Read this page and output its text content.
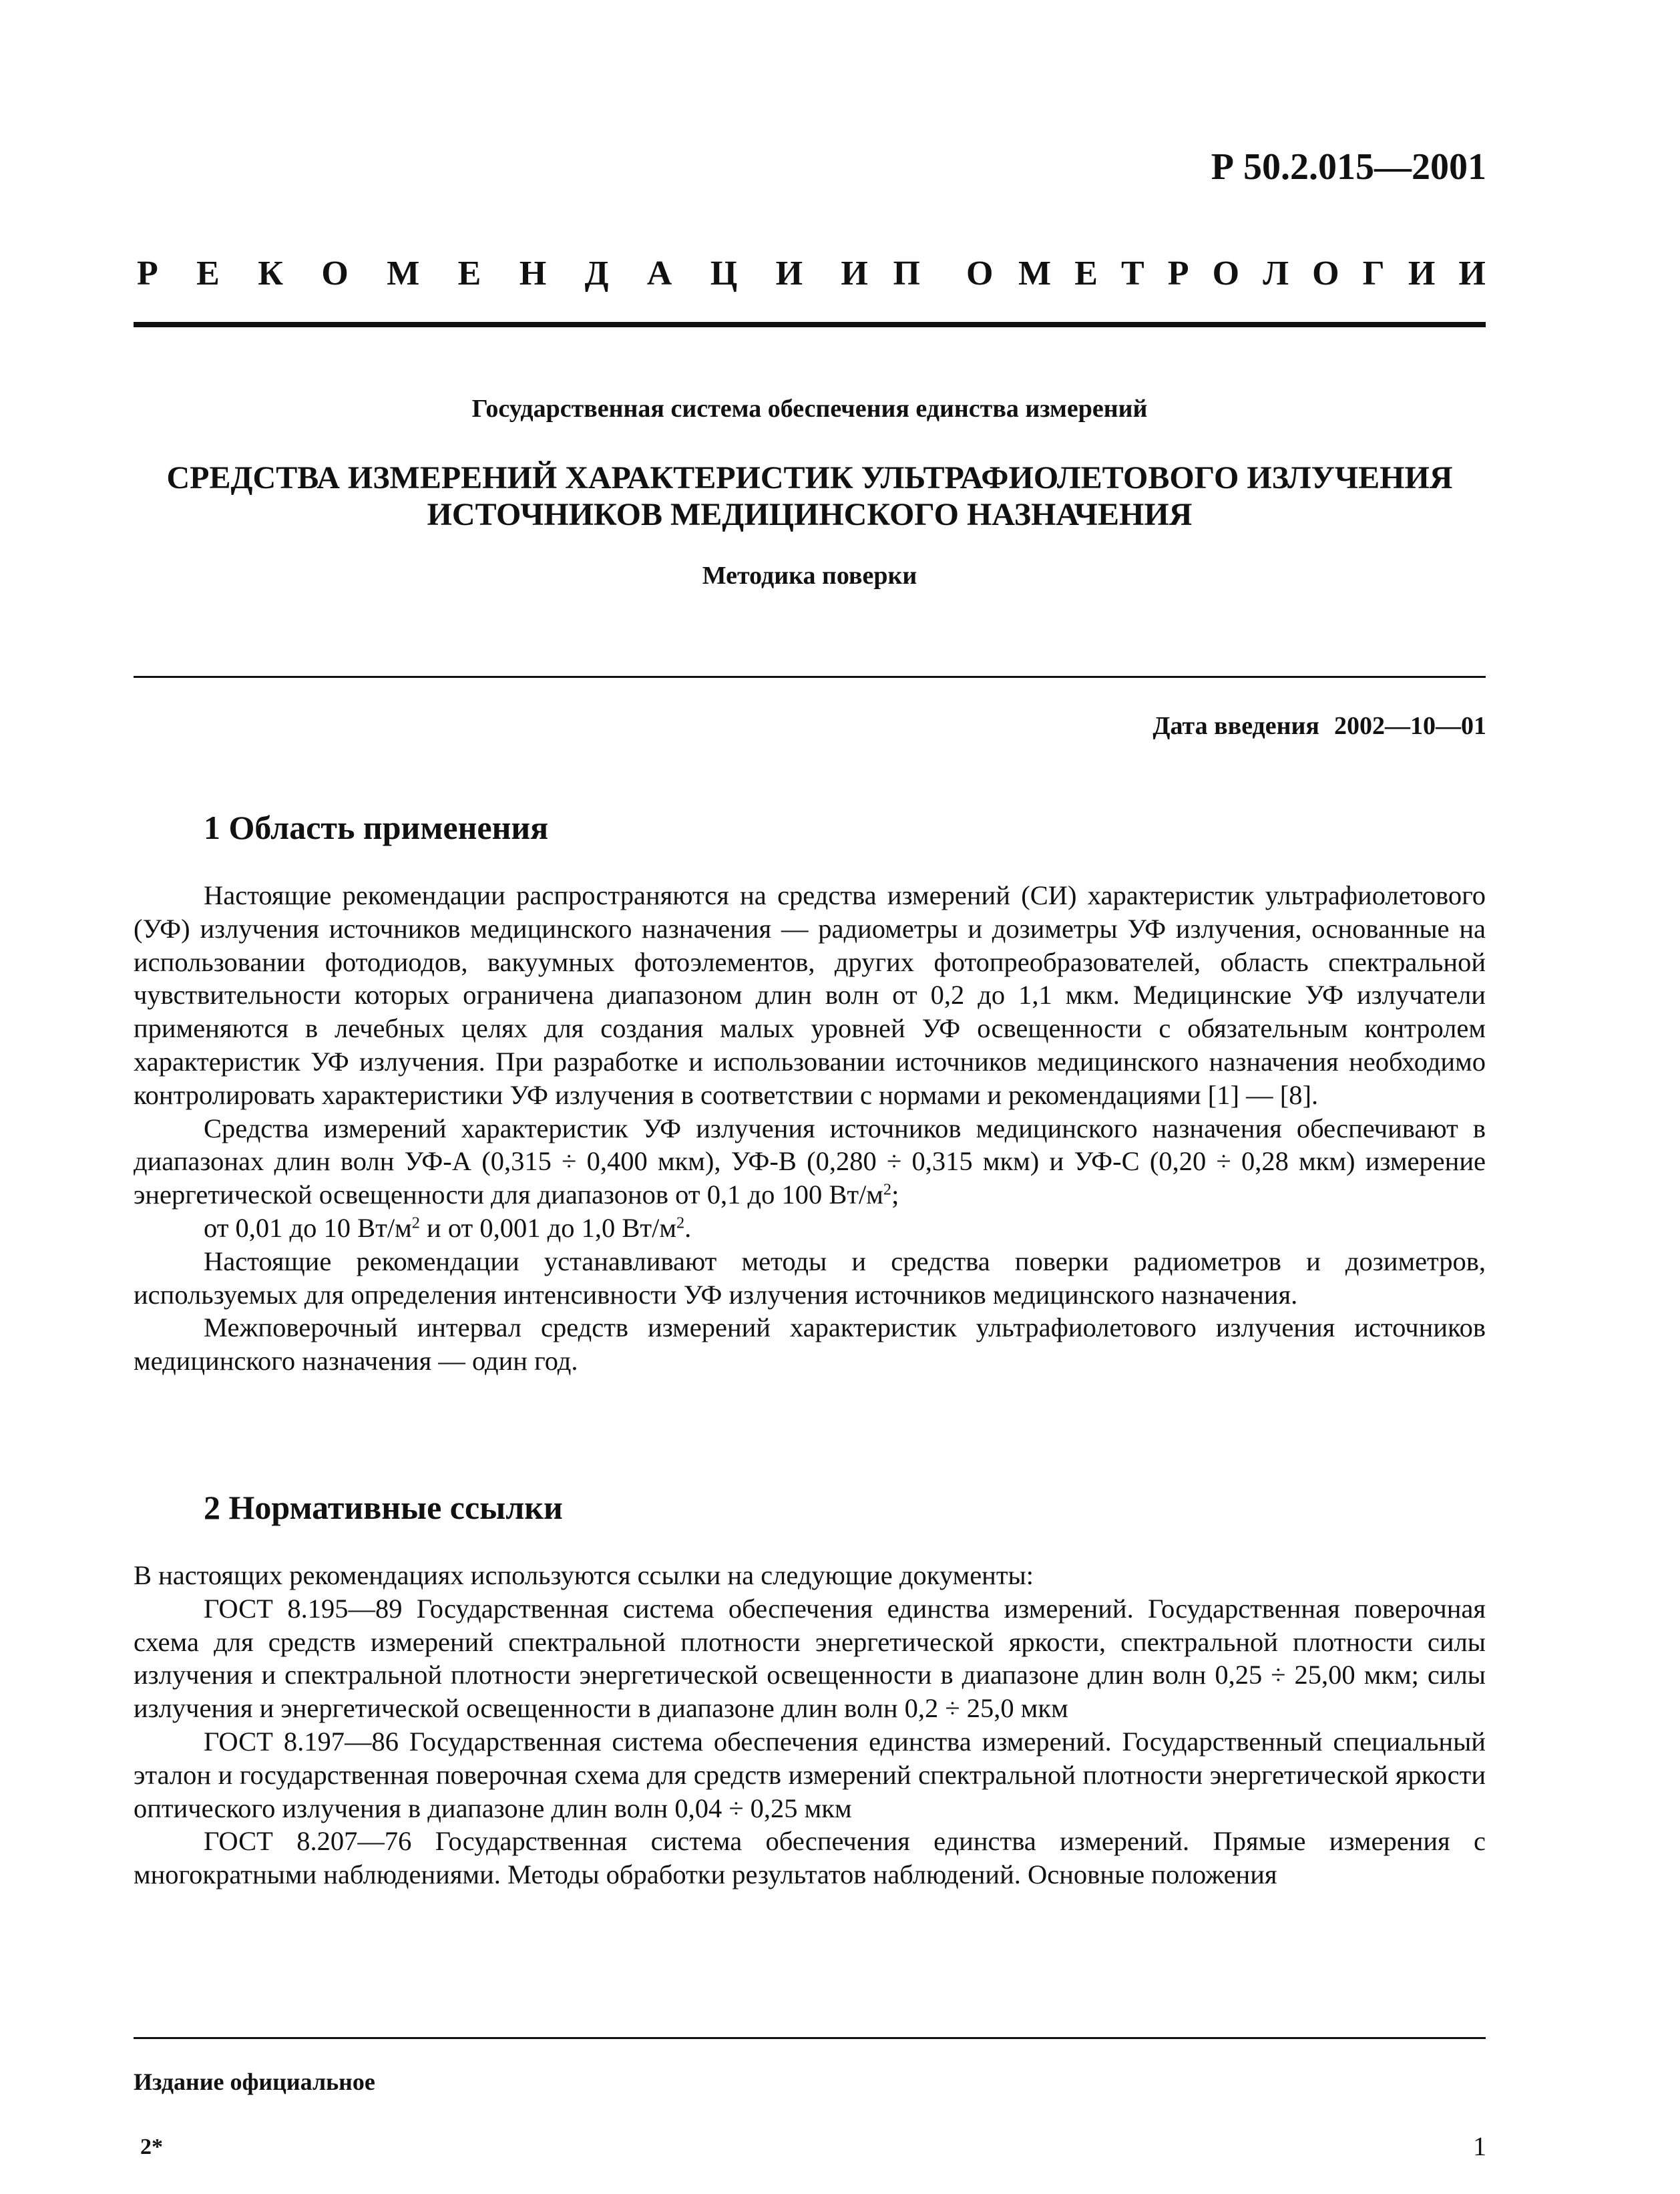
Р 50.2.015—2001
Р Е К О М Е Н Д А Ц И И П О М Е Т Р О Л О Г И И
Государственная система обеспечения единства измерений
СРЕДСТВА ИЗМЕРЕНИЙ ХАРАКТЕРИСТИК УЛЬТРАФИОЛЕТОВОГО ИЗЛУЧЕНИЯ
ИСТОЧНИКОВ МЕДИЦИНСКОГО НАЗНАЧЕНИЯ
Методика поверки
Дата введения 2002—10—01
1 Область применения

Настоящие рекомендации распространяются на средства измерений (СИ) характеристик ультрафиолетового (УФ) излучения источников медицинского назначения — радиометры и дозиметры УФ излучения, основанные на использовании фотодиодов, вакуумных фотоэлементов, других фотопреобразователей, область спектральной чувствительности которых ограничена диапазоном длин волн от 0,2 до 1,1 мкм. Медицинские УФ излучатели применяются в лечебных целях для создания малых уровней УФ освещенности с обязательным контролем характеристик УФ излучения. При разработке и использовании источников медицинского назначения необходимо контролировать характеристики УФ излучения в соответствии с нормами и рекомендациями [1] — [8].

Средства измерений характеристик УФ излучения источников медицинского назначения обеспечивают в диапазонах длин волн УФ-А (0,315 ÷ 0,400 мкм), УФ-В (0,280 ÷ 0,315 мкм) и УФ-С (0,20 ÷ 0,28 мкм) измерение энергетической освещенности для диапазонов от 0,1 до 100 $Вт/м^2$;

от 0,01 до 10 $Вт/м^2$ и от 0,001 до 1,0 $Вт/м^2$.

Настоящие рекомендации устанавливают методы и средства поверки радиометров и дозиметров, используемых для определения интенсивности УФ излучения источников медицинского назначения.

Межповерочный интервал средств измерений характеристик ультрафиолетового излучения источников медицинского назначения — один год.

2 Нормативные ссылки

В настоящих рекомендациях используются ссылки на следующие документы:

ГОСТ 8.195—89 Государственная система обеспечения единства измерений. Государственная поверочная схема для средств измерений спектральной плотности энергетической яркости, спектральной плотности силы излучения и спектральной плотности энергетической освещенности в диапазоне длин волн 0,25 ÷ 25,00 мкм; силы излучения и энергетической освещенности в диапазоне длин волн 0,2 ÷ 25,0 мкм

ГОСТ 8.197—86 Государственная система обеспечения единства измерений. Государственный специальный эталон и государственная поверочная схема для средств измерений спектральной плотности энергетической яркости оптического излучения в диапазоне длин волн 0,04 ÷ 0,25 мкм

ГОСТ 8.207—76 Государственная система обеспечения единства измерений. Прямые измерения с многократными наблюдениями. Методы обработки результатов наблюдений. Основные положения

Издание официальное
2*	1
